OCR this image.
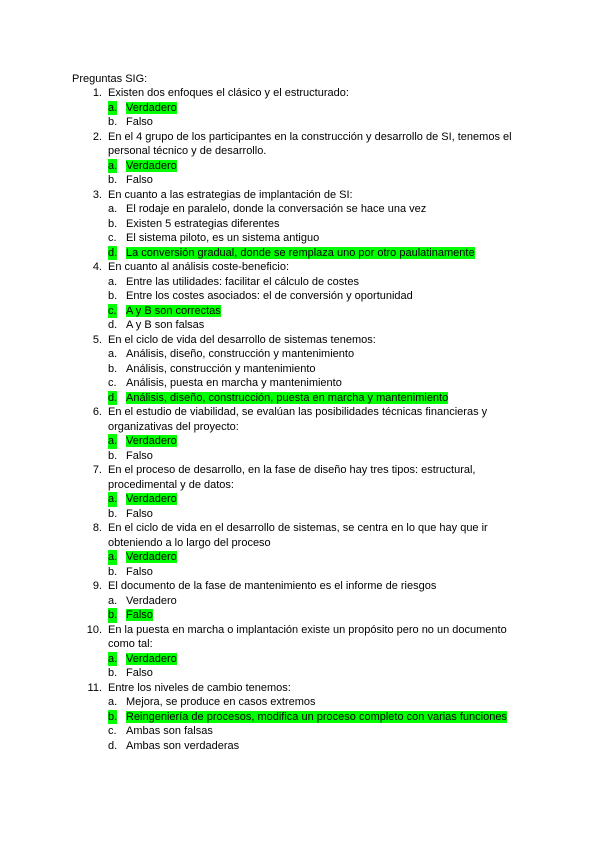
Preguntas SIG:
1. Existen dos enfoques el clásico y el estructurado:
a. Verdadero
b. Falso
2. En el 4 grupo de los participantes en la construcción y desarrollo de SI, tenemos el personal técnico y de desarrollo.
a. Verdadero
b. Falso
3. En cuanto a las estrategias de implantación de SI:
a. El rodaje en paralelo, donde la conversación se hace una vez
b. Existen 5 estrategias diferentes
c. El sistema piloto, es un sistema antiguo
d. La conversión gradual, donde se remplaza uno por otro paulatinamente
4. En cuanto al análisis coste-beneficio:
a. Entre las utilidades: facilitar el cálculo de costes
b. Entre los costes asociados: el de conversión y oportunidad
c. A y B son correctas
d. A y B son falsas
5. En el ciclo de vida del desarrollo de sistemas tenemos:
a. Análisis, diseño, construcción y mantenimiento
b. Análisis, construcción y mantenimiento
c. Análisis, puesta en marcha y mantenimiento
d. Análisis, diseño, construcción, puesta en marcha y mantenimiento
6. En el estudio de viabilidad, se evalúan las posibilidades técnicas financieras y organizativas del proyecto:
a. Verdadero
b. Falso
7. En el proceso de desarrollo, en la fase de diseño hay tres tipos: estructural, procedimental y de datos:
a. Verdadero
b. Falso
8. En el ciclo de vida en el desarrollo de sistemas, se centra en lo que hay que ir obteniendo a lo largo del proceso
a. Verdadero
b. Falso
9. El documento de la fase de mantenimiento es el informe de riesgos
a. Verdadero
b. Falso
10. En la puesta en marcha o implantación existe un propósito pero no un documento como tal:
a. Verdadero
b. Falso
11. Entre los niveles de cambio tenemos:
a. Mejora, se produce en casos extremos
b. Reingeniería de procesos, modifica un proceso completo con varias funciones
c. Ambas son falsas
d. Ambas son verdaderas
